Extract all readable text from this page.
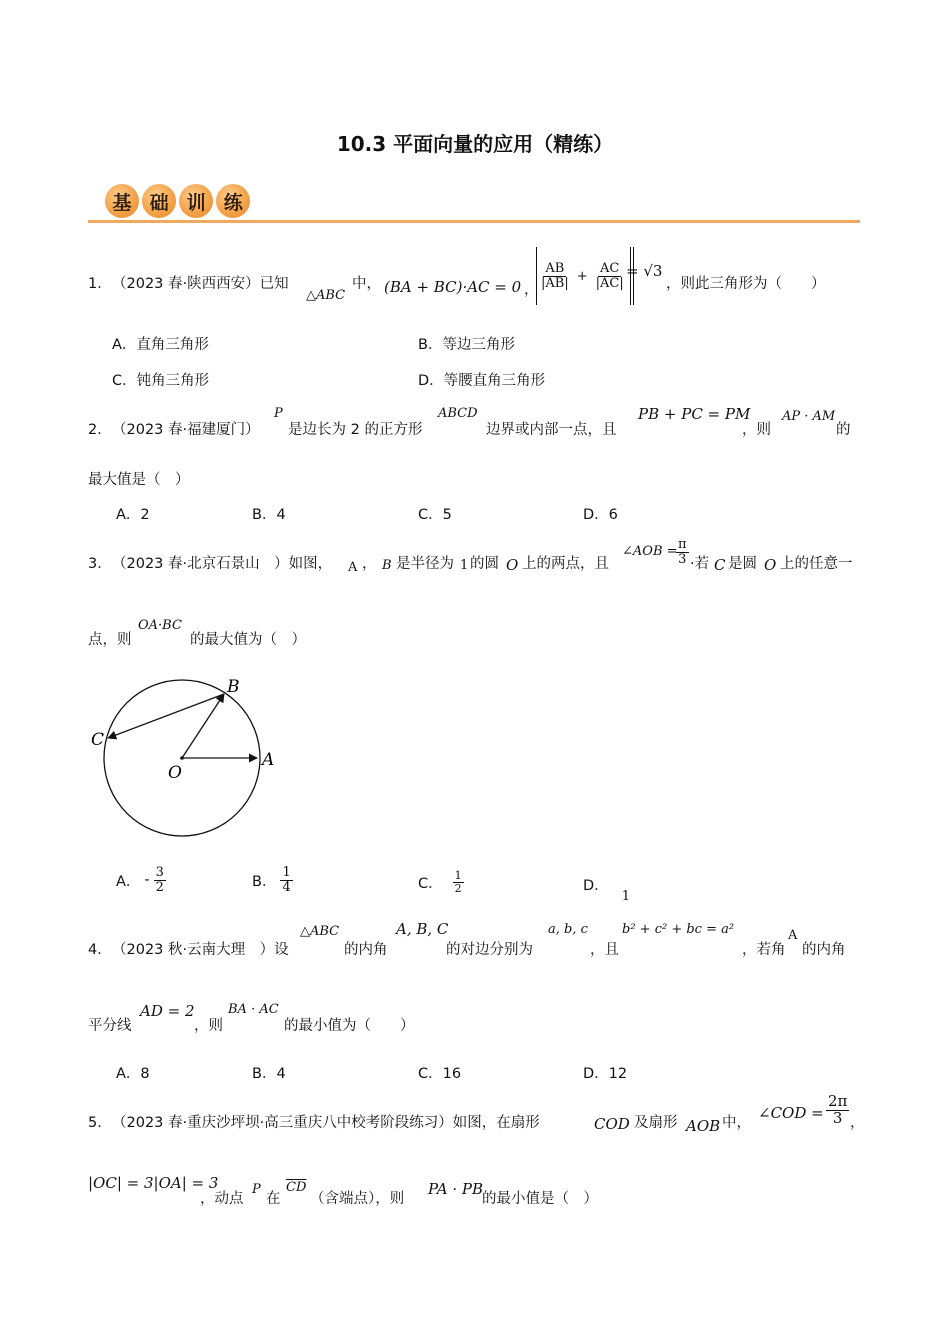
10.3 平面向量的应用（精练）
基 础 训 练
1． （2023 春·陕西西安）已知
△ABC
中， (BA + BC)·AC = 0 ， $\frac{AB}{|AB|} + \frac{AC}{|AC|} = √3$
，则此三角形为（　　）
A．直角三角形	B．等边三角形
C．钝角三角形	D．等腰直角三角形
2． （2023 春·福建厦门）
P
是边长为 2 的正方形
ABCD
边界或内部一点，且
PB + PC = PM
，则
AP · AM
的
最大值是（　）
A．2	B．4	C．5	D．6
3． （2023 春·北京石景山　）如图， A ， B 是半径为 1 的圆 O 上的两点，且
∠AOB =
$\frac{\pi}{3}$ ·若 C 是圆 O 上的任意一
点，则
OA·BC
的最大值为（　）
B
C
O
A
A． - $\frac{3}{2}$	B． $\frac{1}{4}$	C． $\frac{1}{2}$	D． $_1$
4． （2023 秋·云南大理　）设
△ABC
的内角
A, B, C
的对边分别为
a, b, c
，且
b² + c² + bc = a²
，若角
A
的内角
平分线
AD = 2
，则
BA · AC
的最小值为（　　）
A．8	B．4	C．16	D．12
5． （2023 春·重庆沙坪坝·高三重庆八中校考阶段练习）如图，在扇形	COD 及扇形 AOB 中，
∠COD = $\frac{2\pi}{3}$ ，
|OC| = 3|OA| = 3
，动点
P
在
$\overline{CD}$
（含端点），则
PA · PB
的最小值是（　）
